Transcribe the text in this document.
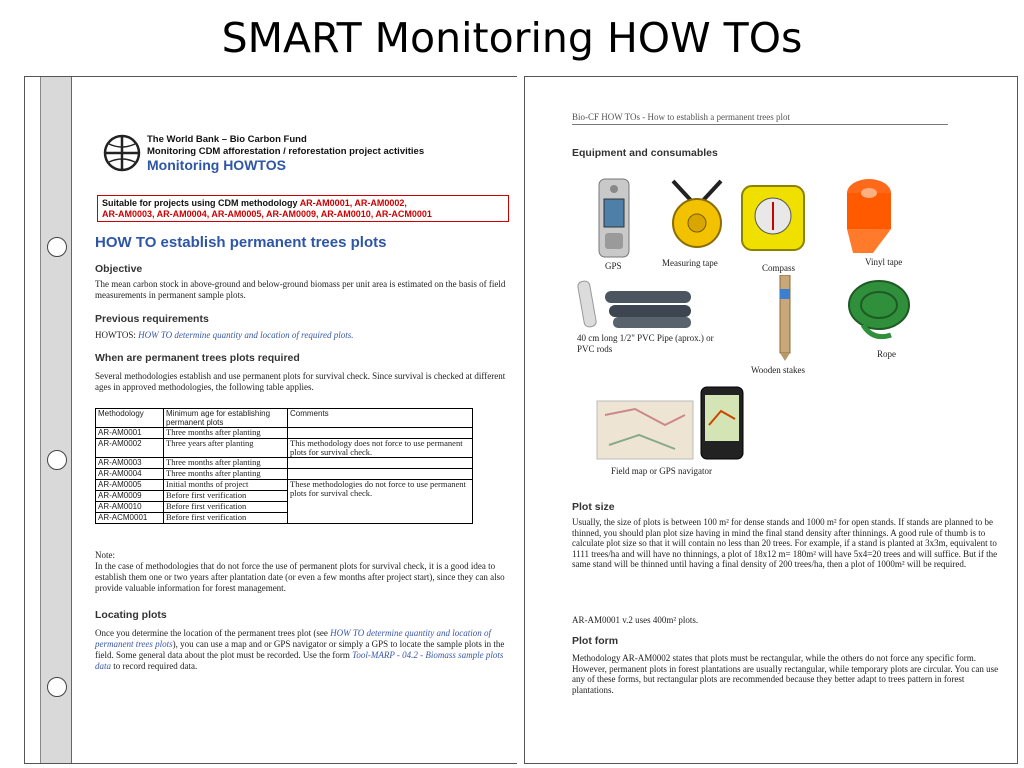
SMART Monitoring HOW TOs
The World Bank – Bio Carbon Fund
Monitoring CDM afforestation / reforestation project activities
Monitoring HOWTOS
Suitable for projects using CDM methodology AR-AM0001, AR-AM0002,
AR-AM0003, AR-AM0004, AR-AM0005, AR-AM0009, AR-AM0010, AR-ACM0001
HOW TO establish permanent trees plots
Objective
The mean carbon stock in above-ground and below-ground biomass per unit area is estimated on the basis of field measurements in permanent sample plots.
Previous requirements
HOWTOS: HOW TO determine quantity and location of required plots.
When are permanent trees plots required
Several methodologies establish and use permanent plots for survival check. Since survival is checked at different ages in approved methodologies, the following table applies.
Methodology	Minimum age for establishing permanent plots	Comments
AR-AM0001	Three months after planting	
AR-AM0002	Three years after planting	This methodology does not force to use permanent plots for survival check.
AR-AM0003	Three months after planting	
AR-AM0004	Three months after planting	
AR-AM0005	Initial months of project	These methodologies do not force to use permanent plots for survival check.
AR-AM0009	Before first verification	
AR-AM0010	Before first verification	
AR-ACM0001	Before first verification	
Note:
In the case of methodologies that do not force the use of permanent plots for survival check, it is a good idea to establish them one or two years after plantation date (or even a few months after project start), since they can also provide valuable information for forest management.
Locating plots
Once you determine the location of the permanent trees plot (see HOW TO determine quantity and location of permanent trees plots), you can use a map and or GPS navigator or simply a GPS to locate the sample plots in the field. Some general data about the plot must be recorded. Use the form Tool-MARP - 04.2 - Biomass sample plots data to record required data.
Bio-CF HOW TOs - How to establish a permanent trees plot
Equipment and consumables
GPS	Measuring tape	Compass
Vinyl tape
40 cm long 1/2" PVC Pipe (aprox.) or
PVC rods
Wooden stakes
Rope
Field map or GPS navigator
Plot size
Usually, the size of plots is between 100 m² for dense stands and 1000 m² for open stands. If stands are planned to be thinned, you should plan plot size having in mind the final stand density after thinnings. A good rule of thumb is to calculate plot size so that it will contain no less than 20 trees. For example, if a stand is planted at 3x3m, equivalent to 1111 trees/ha and will have no thinnings, a plot of 18x12 m= 180m² will have 5x4=20 trees and will suffice. But if the same stand will be thinned until having a final density of 200 trees/ha, then a plot of 1000m² will be required.
AR-AM0001 v.2 uses 400m² plots.
Plot form
Methodology AR-AM0002 states that plots must be rectangular, while the others do not force any specific form. However, permanent plots in forest plantations are usually rectangular, while temporary plots are circular. You can use any of these forms, but rectangular plots are recommended because they better adapt to trees pattern in forest plantations.
